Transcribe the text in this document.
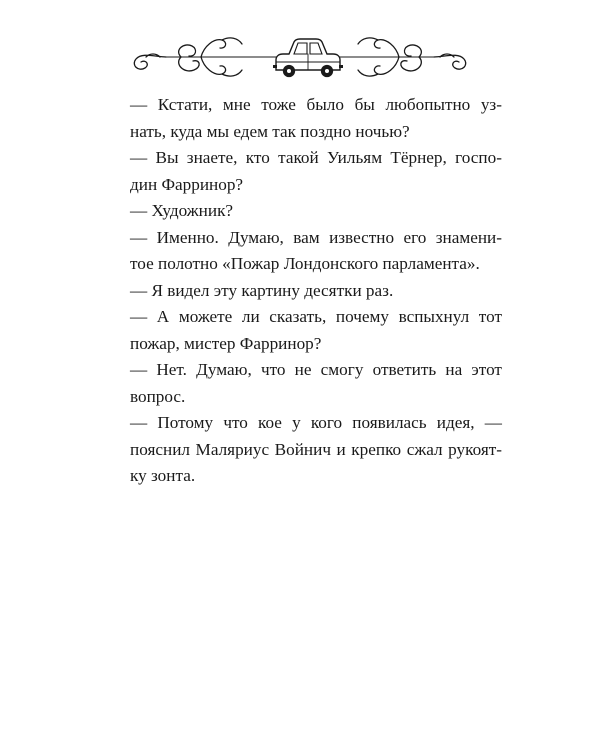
— Кстати, мне тоже было бы любопытно уз-
нать, куда мы едем так поздно ночью?
— Вы знаете, кто такой Уильям Тёрнер, госпо-
дин Фарринор?
— Художник?
— Именно. Думаю, вам известно его знамени-
тое полотно «Пожар Лондонского парламента».
— Я видел эту картину десятки раз.
— А можете ли сказать, почему вспыхнул тот
пожар, мистер Фарринор?
— Нет. Думаю, что не смогу ответить на этот
вопрос.
— Потому что кое у кого появилась идея, —
пояснил Маляриус Войнич и крепко сжал рукоят-
ку зонта.
